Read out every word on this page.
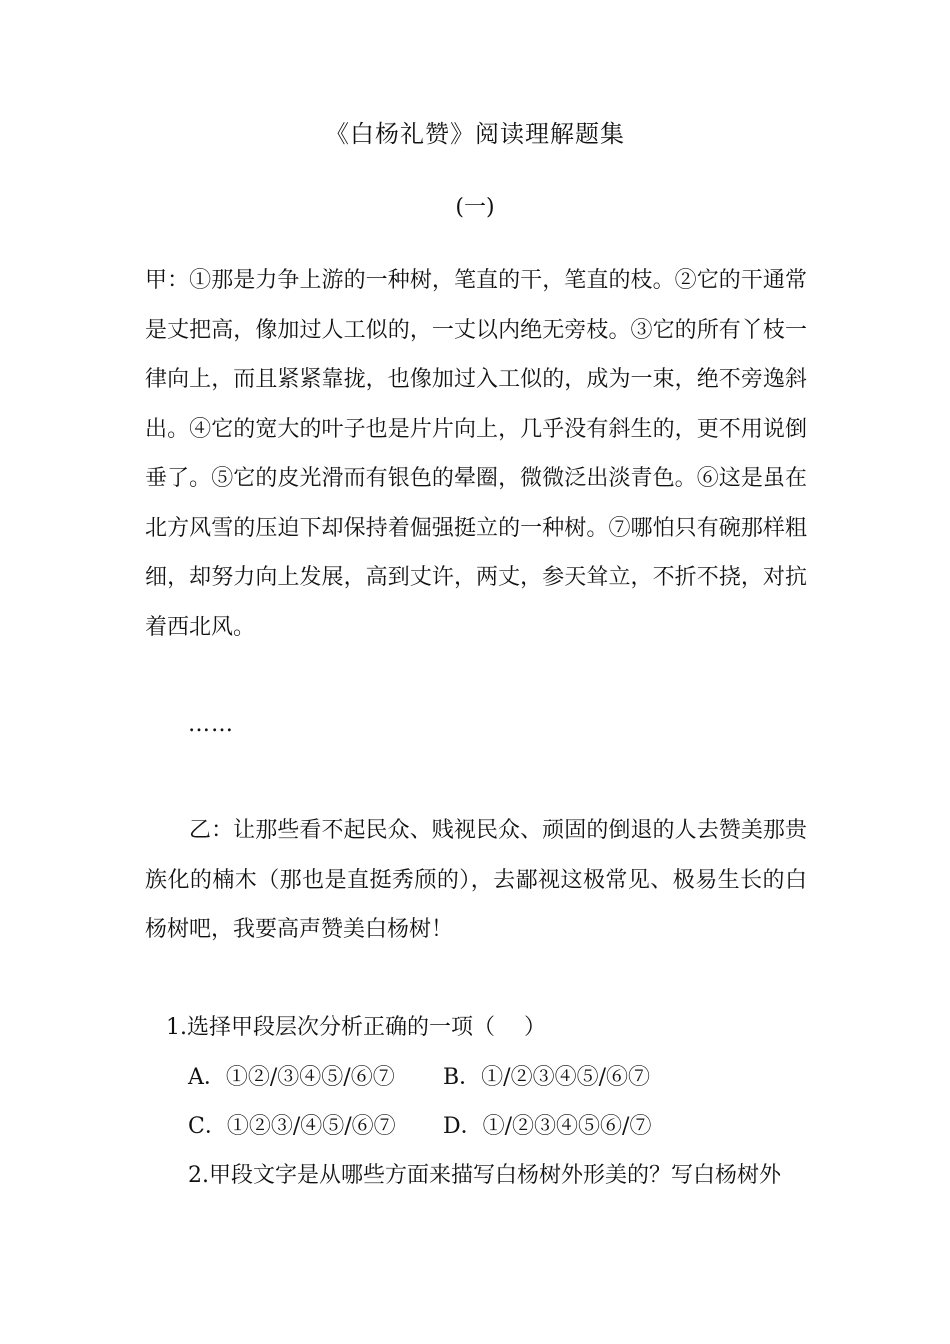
《白杨礼赞》阅读理解题集
(一)

甲：①那是力争上游的一种树，笔直的干，笔直的枝。②它的干通常是丈把高，像加过人工似的，一丈以内绝无旁枝。③它的所有丫枝一律向上，而且紧紧靠拢，也像加过入工似的，成为一束，绝不旁逸斜出。④它的宽大的叶子也是片片向上，几乎没有斜生的，更不用说倒垂了。⑤它的皮光滑而有银色的晕圈，微微泛出淡青色。⑥这是虽在北方风雪的压迫下却保持着倔强挺立的一种树。⑦哪怕只有碗那样粗细，却努力向上发展，高到丈许，两丈，参天耸立，不折不挠，对抗着西北风。

……

乙：让那些看不起民众、贱视民众、顽固的倒退的人去赞美那贵族化的楠木（那也是直挺秀颀的），去鄙视这极常见、极易生长的白杨树吧，我要高声赞美白杨树！

1.选择甲段层次分析正确的一项（　 ）
A．①②/③④⑤/⑥⑦ B．①/②③④⑤/⑥⑦
C．①②③/④⑤/⑥⑦ D．①/②③④⑤⑥/⑦
2.甲段文字是从哪些方面来描写白杨树外形美的？写白杨树外
